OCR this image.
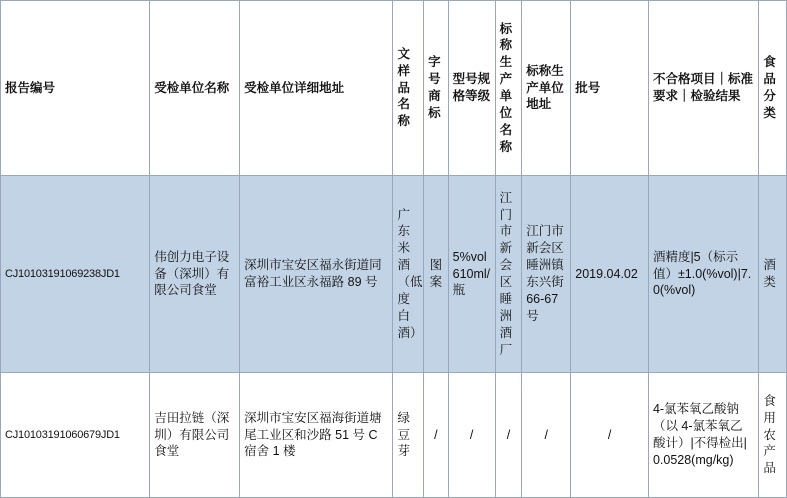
报告编号	受检单位名称	受检单位详细地址	文样品名称	字号商标	型号规格等级	标称生产单位名称	标称生产单位地址	批号	不合格项目｜标准要求｜检验结果	食品分类
CJ10103191069238JD1	伟创力电子设备（深圳）有限公司食堂	深圳市宝安区福永街道同富裕工业区永福路 89 号	广东米酒（低度白酒）	图案	5%vol 610ml/瓶	江门市新会区睡洲酒厂	江门市新会区睡洲镇东兴街 66-67 号	2019.04.02	酒精度|5（标示值）±1.0(%vol)|7.0(%vol)	酒类
CJ10103191060679JD1	吉田拉链（深圳）有限公司食堂	深圳市宝安区福海街道塘尾工业区和沙路 51 号 C 宿舍 1 楼	绿豆芽	/	/	/	/	/	4-氯苯氧乙酸钠（以 4-氯苯氧乙酸计）|不得检出|0.0528(mg/kg)	食用农产品
